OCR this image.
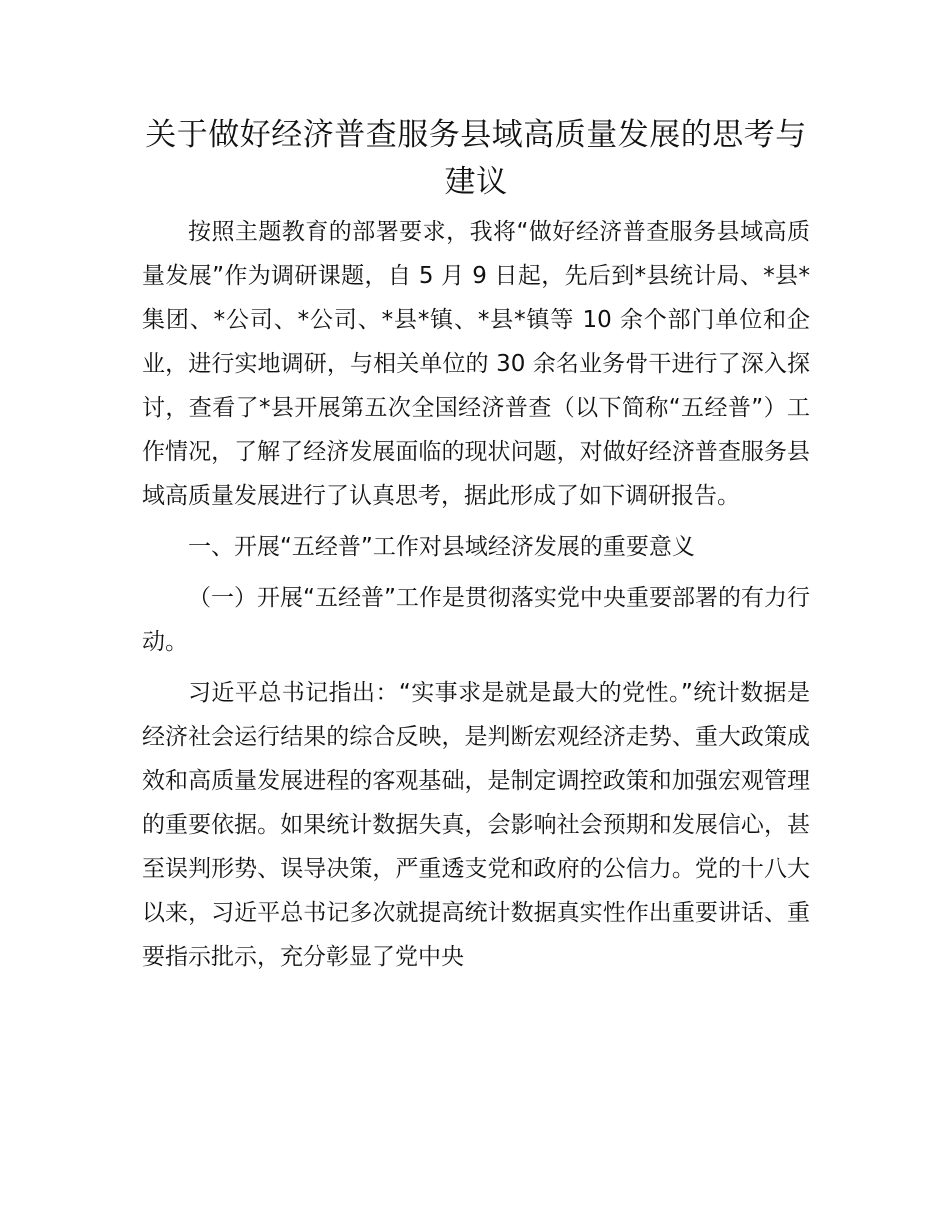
关于做好经济普查服务县域高质量发展的思考与建议

按照主题教育的部署要求，我将“做好经济普查服务县域高质量发展”作为调研课题，自 5 月 9 日起，先后到*县统计局、*县*集团、*公司、*公司、*县*镇、*县*镇等 10 余个部门单位和企业，进行实地调研，与相关单位的 30 余名业务骨干进行了深入探讨，查看了*县开展第五次全国经济普查（以下简称“五经普”）工作情况，了解了经济发展面临的现状问题，对做好经济普查服务县域高质量发展进行了认真思考，据此形成了如下调研报告。

一、开展“五经普”工作对县域经济发展的重要意义

（一）开展“五经普”工作是贯彻落实党中央重要部署的有力行动。

习近平总书记指出：“实事求是就是最大的党性。”统计数据是经济社会运行结果的综合反映，是判断宏观经济走势、重大政策成效和高质量发展进程的客观基础，是制定调控政策和加强宏观管理的重要依据。如果统计数据失真，会影响社会预期和发展信心，甚至误判形势、误导决策，严重透支党和政府的公信力。党的十八大以来，习近平总书记多次就提高统计数据真实性作出重要讲话、重要指示批示，充分彰显了党中央
